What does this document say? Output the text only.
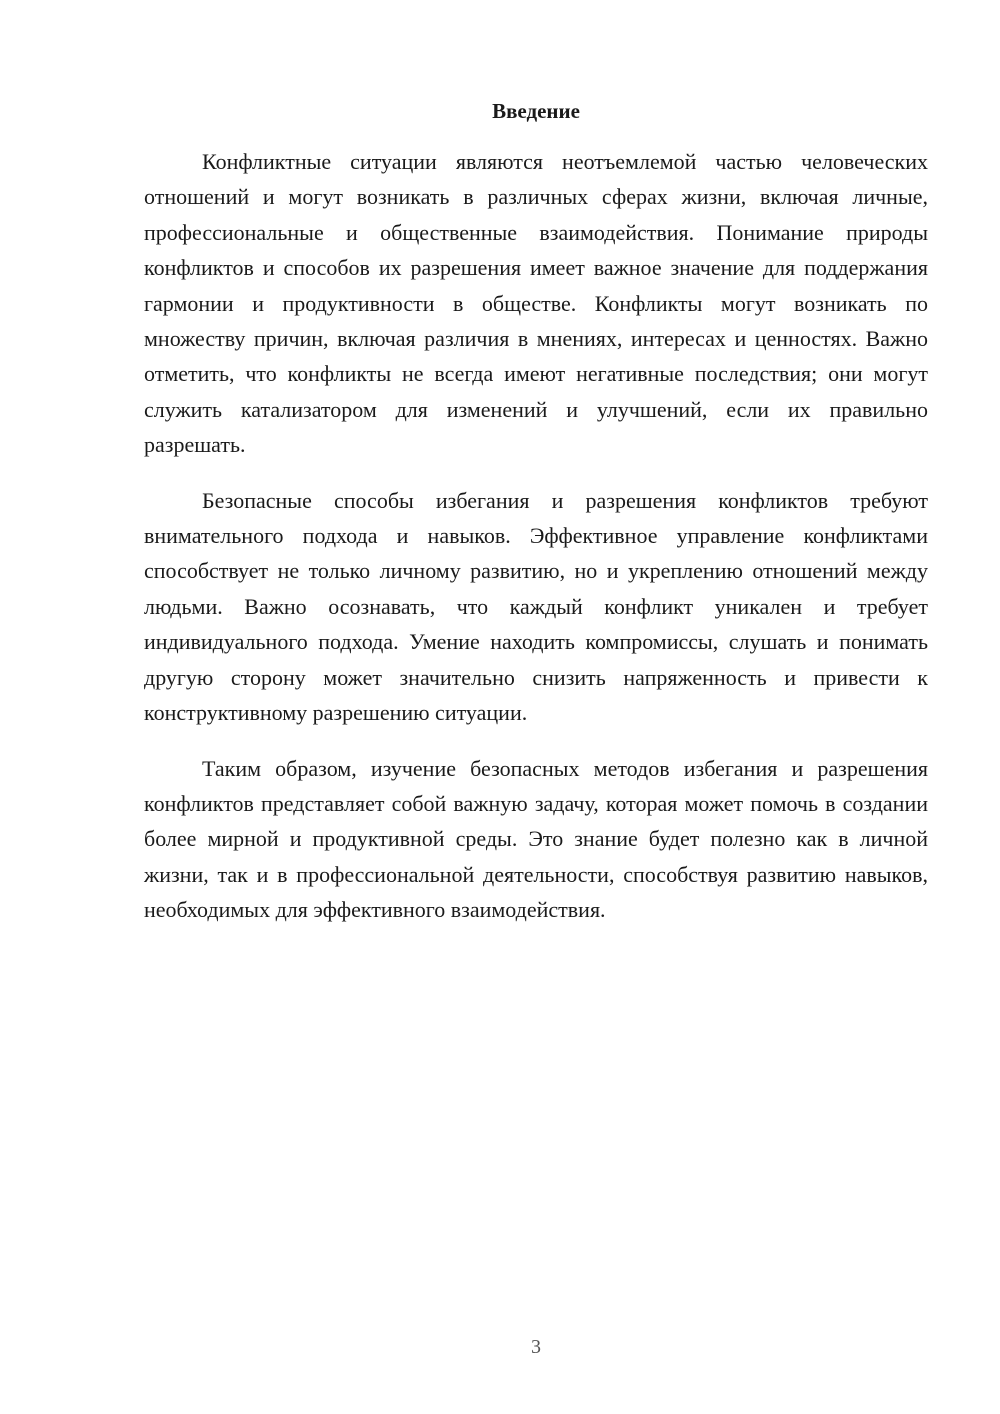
Введение

Конфликтные ситуации являются неотъемлемой частью человеческих отношений и могут возникать в различных сферах жизни, включая личные, профессиональные и общественные взаимодействия. Понимание природы конфликтов и способов их разрешения имеет важное значение для поддержания гармонии и продуктивности в обществе. Конфликты могут возникать по множеству причин, включая различия в мнениях, интересах и ценностях. Важно отметить, что конфликты не всегда имеют негативные последствия; они могут служить катализатором для изменений и улучшений, если их правильно разрешать.

Безопасные способы избегания и разрешения конфликтов требуют внимательного подхода и навыков. Эффективное управление конфликтами способствует не только личному развитию, но и укреплению отношений между людьми. Важно осознавать, что каждый конфликт уникален и требует индивидуального подхода. Умение находить компромиссы, слушать и понимать другую сторону может значительно снизить напряженность и привести к конструктивному разрешению ситуации.

Таким образом, изучение безопасных методов избегания и разрешения конфликтов представляет собой важную задачу, которая может помочь в создании более мирной и продуктивной среды. Это знание будет полезно как в личной жизни, так и в профессиональной деятельности, способствуя развитию навыков, необходимых для эффективного взаимодействия.

3
